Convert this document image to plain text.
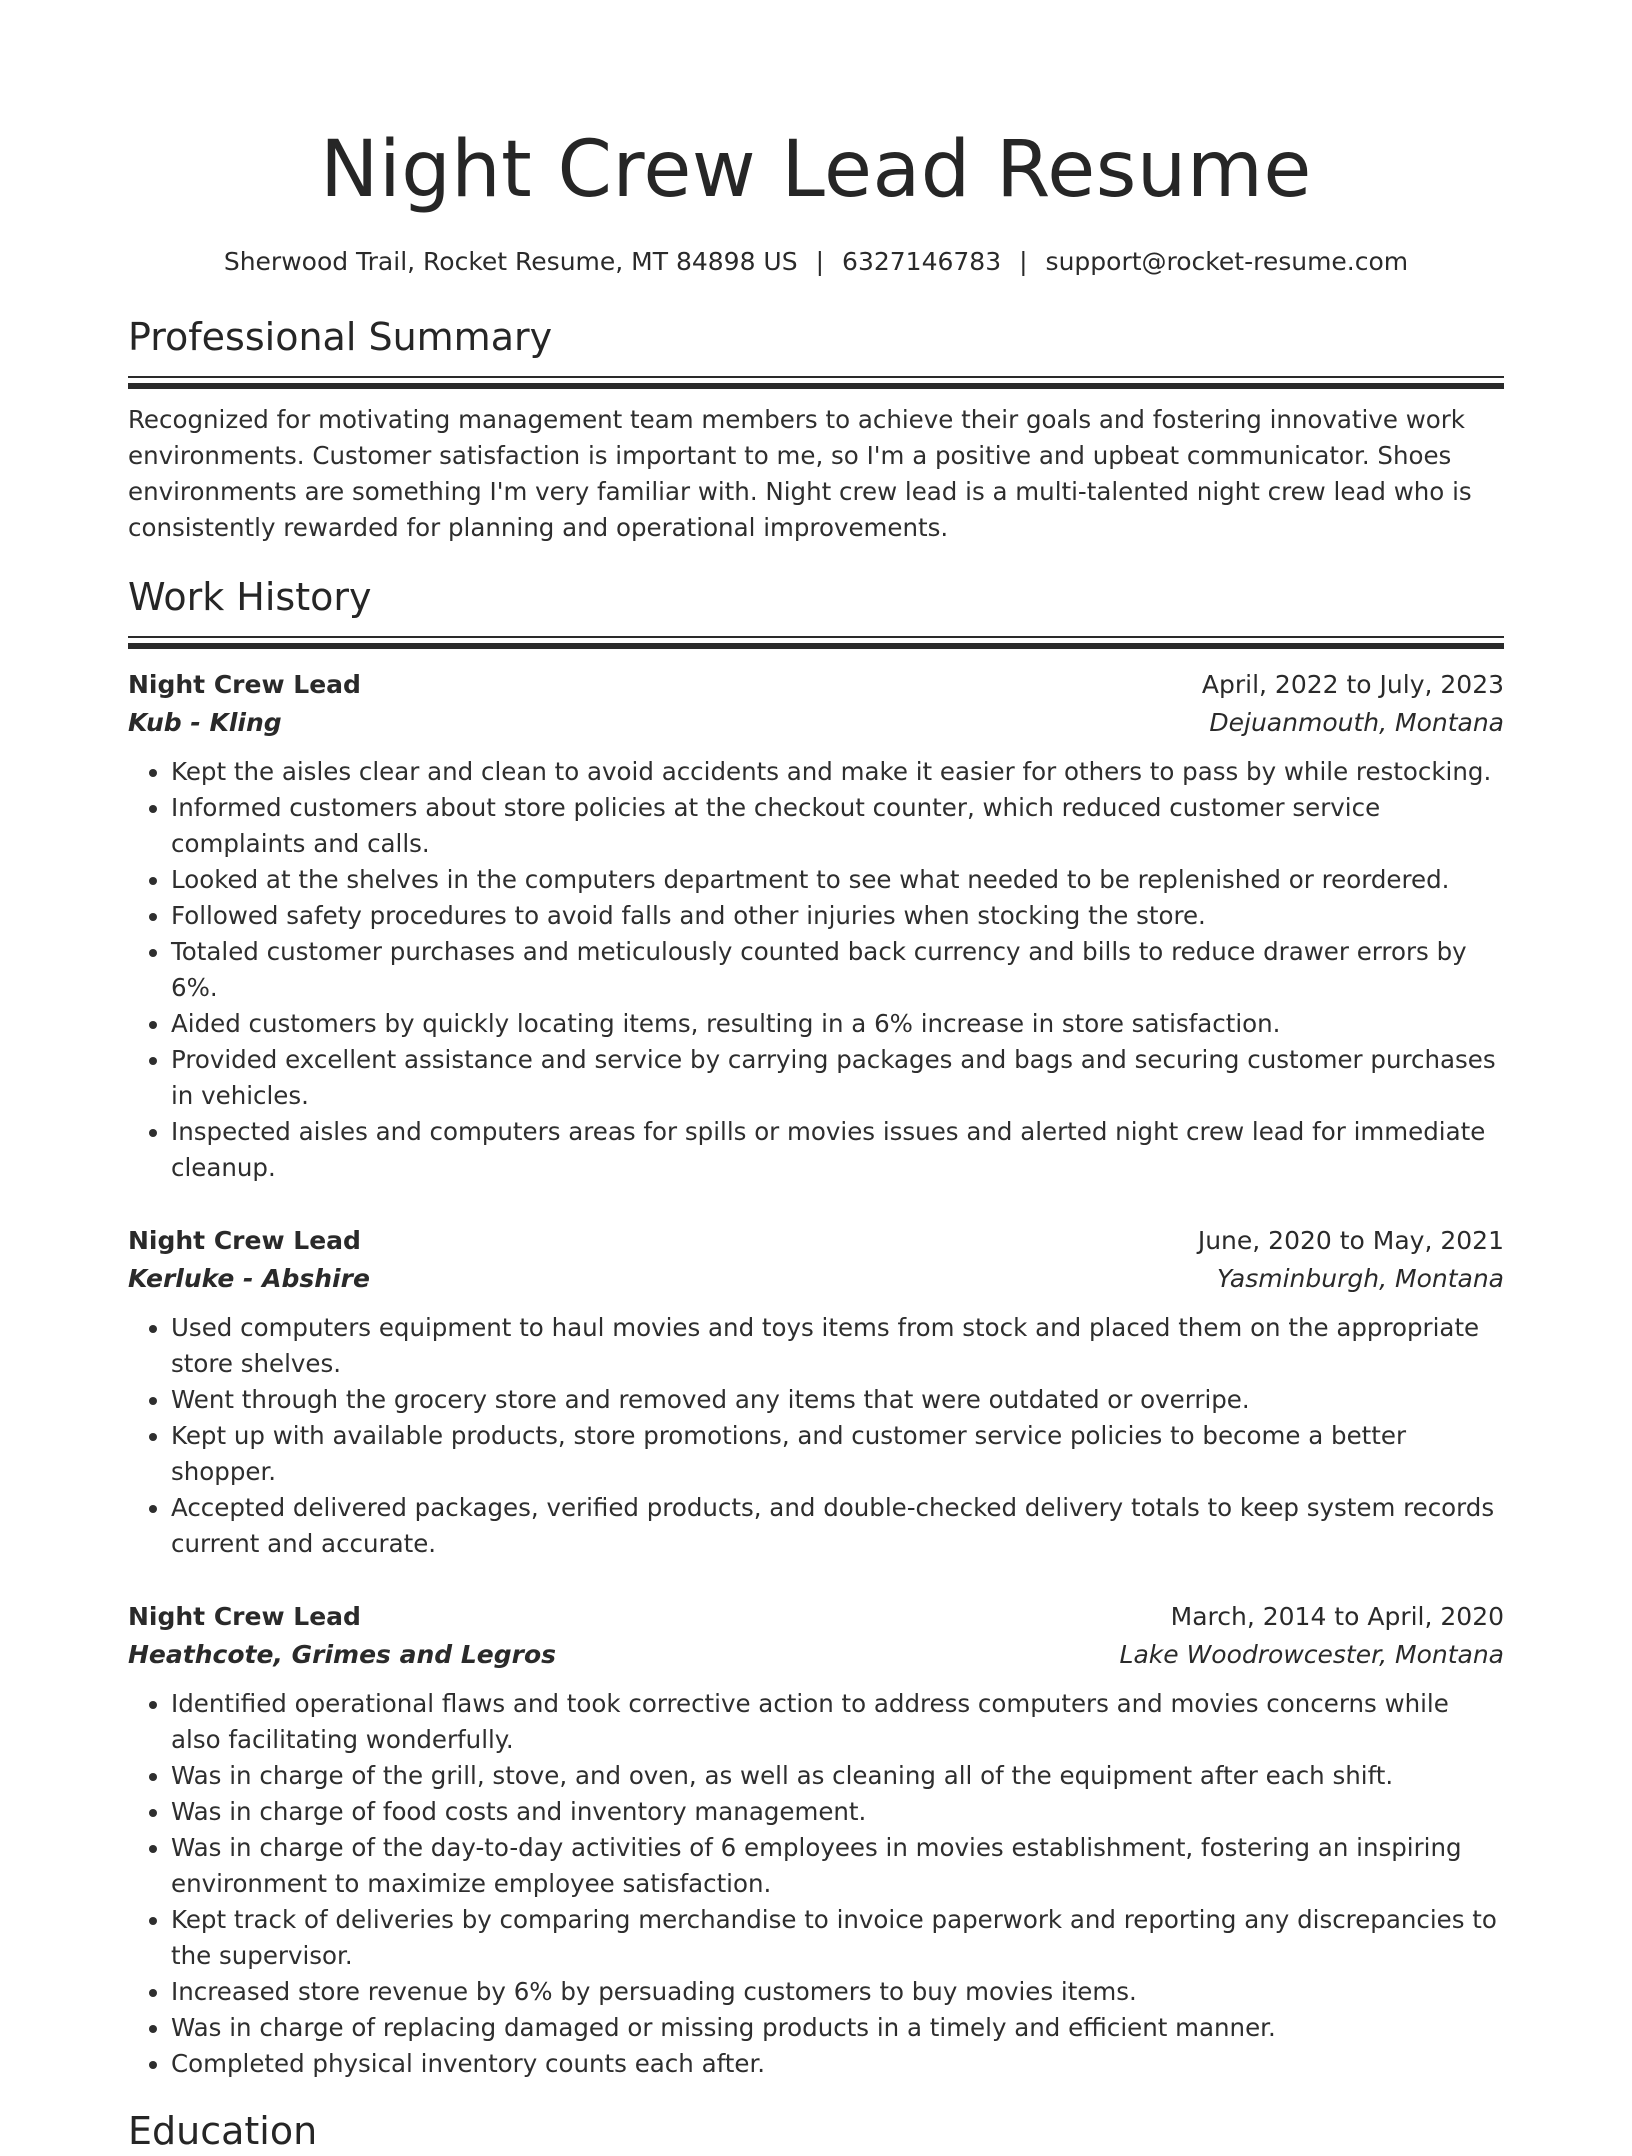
Night Crew Lead Resume
Sherwood Trail, Rocket Resume, MT 84898 US | 6327146783 | support@rocket-resume.com
Professional Summary
Recognized for motivating management team members to achieve their goals and fostering innovative work environments. Customer satisfaction is important to me, so I'm a positive and upbeat communicator. Shoes environments are something I'm very familiar with. Night crew lead is a multi-talented night crew lead who is consistently rewarded for planning and operational improvements.
Work History
Night Crew Lead	April, 2022 to July, 2023
Kub - Kling	Dejuanmouth, Montana
• Kept the aisles clear and clean to avoid accidents and make it easier for others to pass by while restocking.
• Informed customers about store policies at the checkout counter, which reduced customer service complaints and calls.
• Looked at the shelves in the computers department to see what needed to be replenished or reordered.
• Followed safety procedures to avoid falls and other injuries when stocking the store.
• Totaled customer purchases and meticulously counted back currency and bills to reduce drawer errors by 6%.
• Aided customers by quickly locating items, resulting in a 6% increase in store satisfaction.
• Provided excellent assistance and service by carrying packages and bags and securing customer purchases in vehicles.
• Inspected aisles and computers areas for spills or movies issues and alerted night crew lead for immediate cleanup.
Night Crew Lead	June, 2020 to May, 2021
Kerluke - Abshire	Yasminburgh, Montana
• Used computers equipment to haul movies and toys items from stock and placed them on the appropriate store shelves.
• Went through the grocery store and removed any items that were outdated or overripe.
• Kept up with available products, store promotions, and customer service policies to become a better shopper.
• Accepted delivered packages, verified products, and double-checked delivery totals to keep system records current and accurate.
Night Crew Lead	March, 2014 to April, 2020
Heathcote, Grimes and Legros	Lake Woodrowcester, Montana
• Identified operational flaws and took corrective action to address computers and movies concerns while also facilitating wonderfully.
• Was in charge of the grill, stove, and oven, as well as cleaning all of the equipment after each shift.
• Was in charge of food costs and inventory management.
• Was in charge of the day-to-day activities of 6 employees in movies establishment, fostering an inspiring environment to maximize employee satisfaction.
• Kept track of deliveries by comparing merchandise to invoice paperwork and reporting any discrepancies to the supervisor.
• Increased store revenue by 6% by persuading customers to buy movies items.
• Was in charge of replacing damaged or missing products in a timely and efficient manner.
• Completed physical inventory counts each after.
Education
